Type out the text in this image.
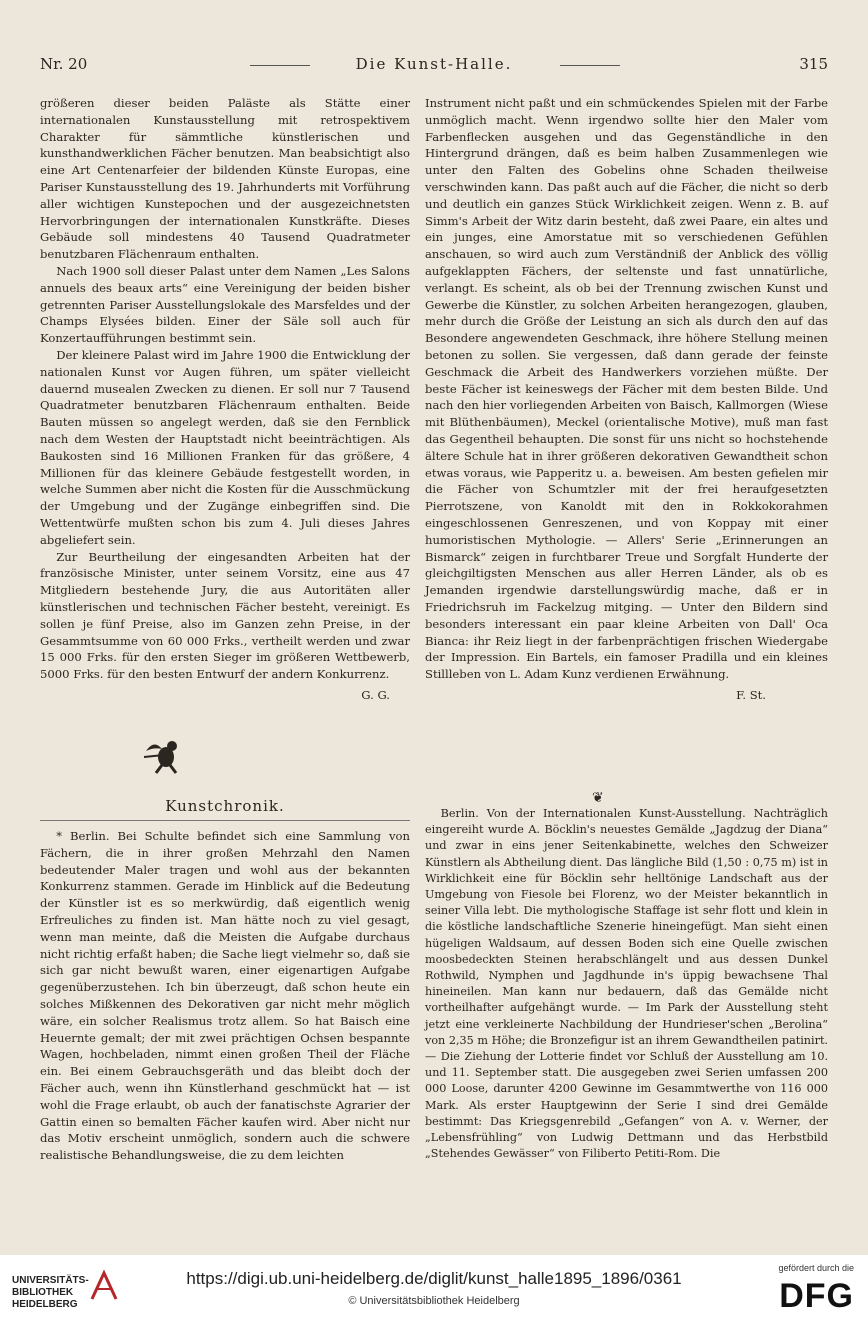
Nr. 20	Die Kunst-Halle.	315

größeren dieser beiden Paläste als Stätte einer internationalen Kunstausstellung mit retrospektivem Charakter für sämmtliche künstlerischen und kunsthandwerklichen Fächer benutzen. Man beabsichtigt also eine Art Centenarfeier der bildenden Künste Europas, eine Pariser Kunstausstellung des 19. Jahrhunderts mit Vorführung aller wichtigen Kunstepochen und der ausgezeichnetsten Hervorbringungen der internationalen Kunstkräfte. Dieses Gebäude soll mindestens 40 Tausend Quadratmeter benutzbaren Flächenraum enthalten.

Nach 1900 soll dieser Palast unter dem Namen „Les Salons annuels des beaux arts“ eine Vereinigung der beiden bisher getrennten Pariser Ausstellungslokale des Marsfeldes und der Champs Elysées bilden. Einer der Säle soll auch für Konzertaufführungen bestimmt sein.

Der kleinere Palast wird im Jahre 1900 die Entwicklung der nationalen Kunst vor Augen führen, um später vielleicht dauernd musealen Zwecken zu dienen. Er soll nur 7 Tausend Quadratmeter benutzbaren Flächenraum enthalten. Beide Bauten müssen so angelegt werden, daß sie den Fernblick nach dem Westen der Hauptstadt nicht beeinträchtigen. Als Baukosten sind 16 Millionen Franken für das größere, 4 Millionen für das kleinere Gebäude festgestellt worden, in welche Summen aber nicht die Kosten für die Ausschmückung der Umgebung und der Zugänge einbegriffen sind. Die Wettentwürfe mußten schon bis zum 4. Juli dieses Jahres abgeliefert sein.

Zur Beurtheilung der eingesandten Arbeiten hat der französische Minister, unter seinem Vorsitz, eine aus 47 Mitgliedern bestehende Jury, die aus Autoritäten aller künstlerischen und technischen Fächer besteht, vereinigt. Es sollen je fünf Preise, also im Ganzen zehn Preise, in der Gesammtsumme von 60 000 Frks., vertheilt werden und zwar 15 000 Frks. für den ersten Sieger im größeren Wettbewerb, 5000 Frks. für den besten Entwurf der andern Konkurrenz.

G. G.
Kunstchronik.

* Berlin. Bei Schulte befindet sich eine Sammlung von Fächern, die in ihrer großen Mehrzahl den Namen bedeutender Maler tragen und wohl aus der bekannten Konkurrenz stammen. Gerade im Hinblick auf die Bedeutung der Künstler ist es so merkwürdig, daß eigentlich wenig Erfreuliches zu finden ist. Man hätte noch zu viel gesagt, wenn man meinte, daß die Meisten die Aufgabe durchaus nicht richtig erfaßt haben; die Sache liegt vielmehr so, daß sie sich gar nicht bewußt waren, einer eigenartigen Aufgabe gegenüberzustehen. Ich bin überzeugt, daß schon heute ein solches Mißkennen des Dekorativen gar nicht mehr möglich wäre, ein solcher Realismus trotz allem. So hat Baisch eine Heuernte gemalt; der mit zwei prächtigen Ochsen bespannte Wagen, hochbeladen, nimmt einen großen Theil der Fläche ein. Bei einem Gebrauchsgeräth und das bleibt doch der Fächer auch, wenn ihn Künstlerhand geschmückt hat — ist wohl die Frage erlaubt, ob auch der fanatischste Agrarier der Gattin einen so bemalten Fächer kaufen wird. Aber nicht nur das Motiv erscheint unmöglich, sondern auch die schwere realistische Behandlungsweise, die zu dem leichten

Instrument nicht paßt und ein schmückendes Spielen mit der Farbe unmöglich macht. Wenn irgendwo sollte hier den Maler vom Farbenflecken ausgehen und das Gegenständliche in den Hintergrund drängen, daß es beim halben Zusammenlegen wie unter den Falten des Gobelins ohne Schaden theilweise verschwinden kann. Das paßt auch auf die Fächer, die nicht so derb und deutlich ein ganzes Stück Wirklichkeit zeigen. Wenn z. B. auf Simm's Arbeit der Witz darin besteht, daß zwei Paare, ein altes und ein junges, eine Amorstatue mit so verschiedenen Gefühlen anschauen, so wird auch zum Verständniß der Anblick des völlig aufgeklappten Fächers, der seltenste und fast unnatürliche, verlangt. Es scheint, als ob bei der Trennung zwischen Kunst und Gewerbe die Künstler, zu solchen Arbeiten herangezogen, glauben, mehr durch die Größe der Leistung an sich als durch den auf das Besondere angewendeten Geschmack, ihre höhere Stellung meinen betonen zu sollen. Sie vergessen, daß dann gerade der feinste Geschmack die Arbeit des Handwerkers vorziehen müßte. Der beste Fächer ist keineswegs der Fächer mit dem besten Bilde. Und nach den hier vorliegenden Arbeiten von Baisch, Kallmorgen (Wiese mit Blüthenbäumen), Meckel (orientalische Motive), muß man fast das Gegentheil behaupten. Die sonst für uns nicht so hochstehende ältere Schule hat in ihrer größeren dekorativen Gewandtheit schon etwas voraus, wie Papperitz u. a. beweisen. Am besten gefielen mir die Fächer von Schumtzler mit der frei heraufgesetzten Pierrotszene, von Kanoldt mit den in Rokkokorahmen eingeschlossenen Genreszenen, und von Koppay mit einer humoristischen Mythologie. — Allers' Serie „Erinnerungen an Bismarck“ zeigen in furchtbarer Treue und Sorgfalt Hunderte der gleichgiltigsten Menschen aus aller Herren Länder, als ob es Jemanden irgendwie darstellungswürdig mache, daß er in Friedrichsruh im Fackelzug mitging. — Unter den Bildern sind besonders interessant ein paar kleine Arbeiten von Dall' Oca Bianca: ihr Reiz liegt in der farbenprächtigen frischen Wiedergabe der Impression. Ein Bartels, ein famoser Pradilla und ein kleines Stillleben von L. Adam Kunz verdienen Erwähnung.

F. St.
❦

Berlin. Von der Internationalen Kunst-Ausstellung. Nachträglich eingereiht wurde A. Böcklin's neuestes Gemälde „Jagdzug der Diana“ und zwar in eins jener Seitenkabinette, welches den Schweizer Künstlern als Abtheilung dient. Das längliche Bild (1,50 : 0,75 m) ist in Wirklichkeit eine für Böcklin sehr helltönige Landschaft aus der Umgebung von Fiesole bei Florenz, wo der Meister bekanntlich in seiner Villa lebt. Die mythologische Staffage ist sehr flott und klein in die köstliche landschaftliche Szenerie hineingefügt. Man sieht einen hügeligen Waldsaum, auf dessen Boden sich eine Quelle zwischen moosbedeckten Steinen herabschlängelt und aus dessen Dunkel Rothwild, Nymphen und Jagdhunde in's üppig bewachsene Thal hineineilen. Man kann nur bedauern, daß das Gemälde nicht vortheilhafter aufgehängt wurde. — Im Park der Ausstellung steht jetzt eine verkleinerte Nachbildung der Hundrieser'schen „Berolina“ von 2,35 m Höhe; die Bronzefigur ist an ihrem Gewandtheilen patinirt. — Die Ziehung der Lotterie findet vor Schluß der Ausstellung am 10. und 11. September statt. Die ausgegeben zwei Serien umfassen 200 000 Loose, darunter 4200 Gewinne im Gesammtwerthe von 116 000 Mark. Als erster Hauptgewinn der Serie I sind drei Gemälde bestimmt: Das Kriegsgenrebild „Gefangen“ von A. v. Werner, der „Lebensfrühling“ von Ludwig Dettmann und das Herbstbild „Stehendes Gewässer“ von Filiberto Petiti-Rom. Die

UNIVERSITÄTS-BIBLIOTHEK HEIDELBERG
https://digi.ub.uni-heidelberg.de/diglit/kunst_halle1895_1896/0361
© Universitätsbibliothek Heidelberg
gefördert durch die
DFG
